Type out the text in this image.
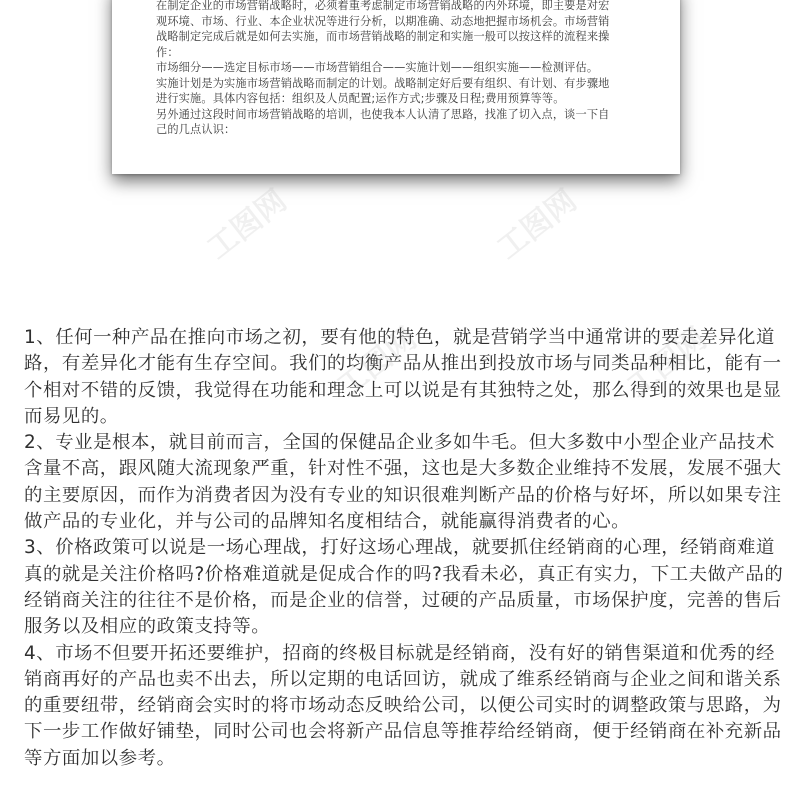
在制定企业的市场营销战略时，必须着重考虑制定市场营销战略的内外环境，即主要是对宏
观环境、市场、行业、本企业状况等进行分析，以期准确、动态地把握市场机会。市场营销
战略制定完成后就是如何去实施，而市场营销战略的制定和实施一般可以按这样的流程来操
作：
市场细分——选定目标市场——市场营销组合——实施计划——组织实施——检测评估。
实施计划是为实施市场营销战略而制定的计划。战略制定好后要有组织、有计划、有步骤地
进行实施。具体内容包括：组织及人员配置;运作方式;步骤及日程;费用预算等等。
另外通过这段时间市场营销战略的培训，也使我本人认清了思路，找准了切入点，谈一下自
己的几点认识：
工图网	工图网
工图网	工图网
1、任何一种产品在推向市场之初，要有他的特色，就是营销学当中通常讲的要走差异化道
路，有差异化才能有生存空间。我们的均衡产品从推出到投放市场与同类品种相比，能有一
个相对不错的反馈，我觉得在功能和理念上可以说是有其独特之处，那么得到的效果也是显
而易见的。
2、专业是根本，就目前而言，全国的保健品企业多如牛毛。但大多数中小型企业产品技术
含量不高，跟风随大流现象严重，针对性不强，这也是大多数企业维持不发展，发展不强大
的主要原因，而作为消费者因为没有专业的知识很难判断产品的价格与好坏，所以如果专注
做产品的专业化，并与公司的品牌知名度相结合，就能赢得消费者的心。
3、价格政策可以说是一场心理战，打好这场心理战，就要抓住经销商的心理，经销商难道
真的就是关注价格吗?价格难道就是促成合作的吗?我看未必，真正有实力，下工夫做产品的
经销商关注的往往不是价格，而是企业的信誉，过硬的产品质量，市场保护度，完善的售后
服务以及相应的政策支持等。
4、市场不但要开拓还要维护，招商的终极目标就是经销商，没有好的销售渠道和优秀的经
销商再好的产品也卖不出去，所以定期的电话回访，就成了维系经销商与企业之间和谐关系
的重要纽带，经销商会实时的将市场动态反映给公司，以便公司实时的调整政策与思路，为
下一步工作做好铺垫，同时公司也会将新产品信息等推荐给经销商，便于经销商在补充新品
等方面加以参考。
